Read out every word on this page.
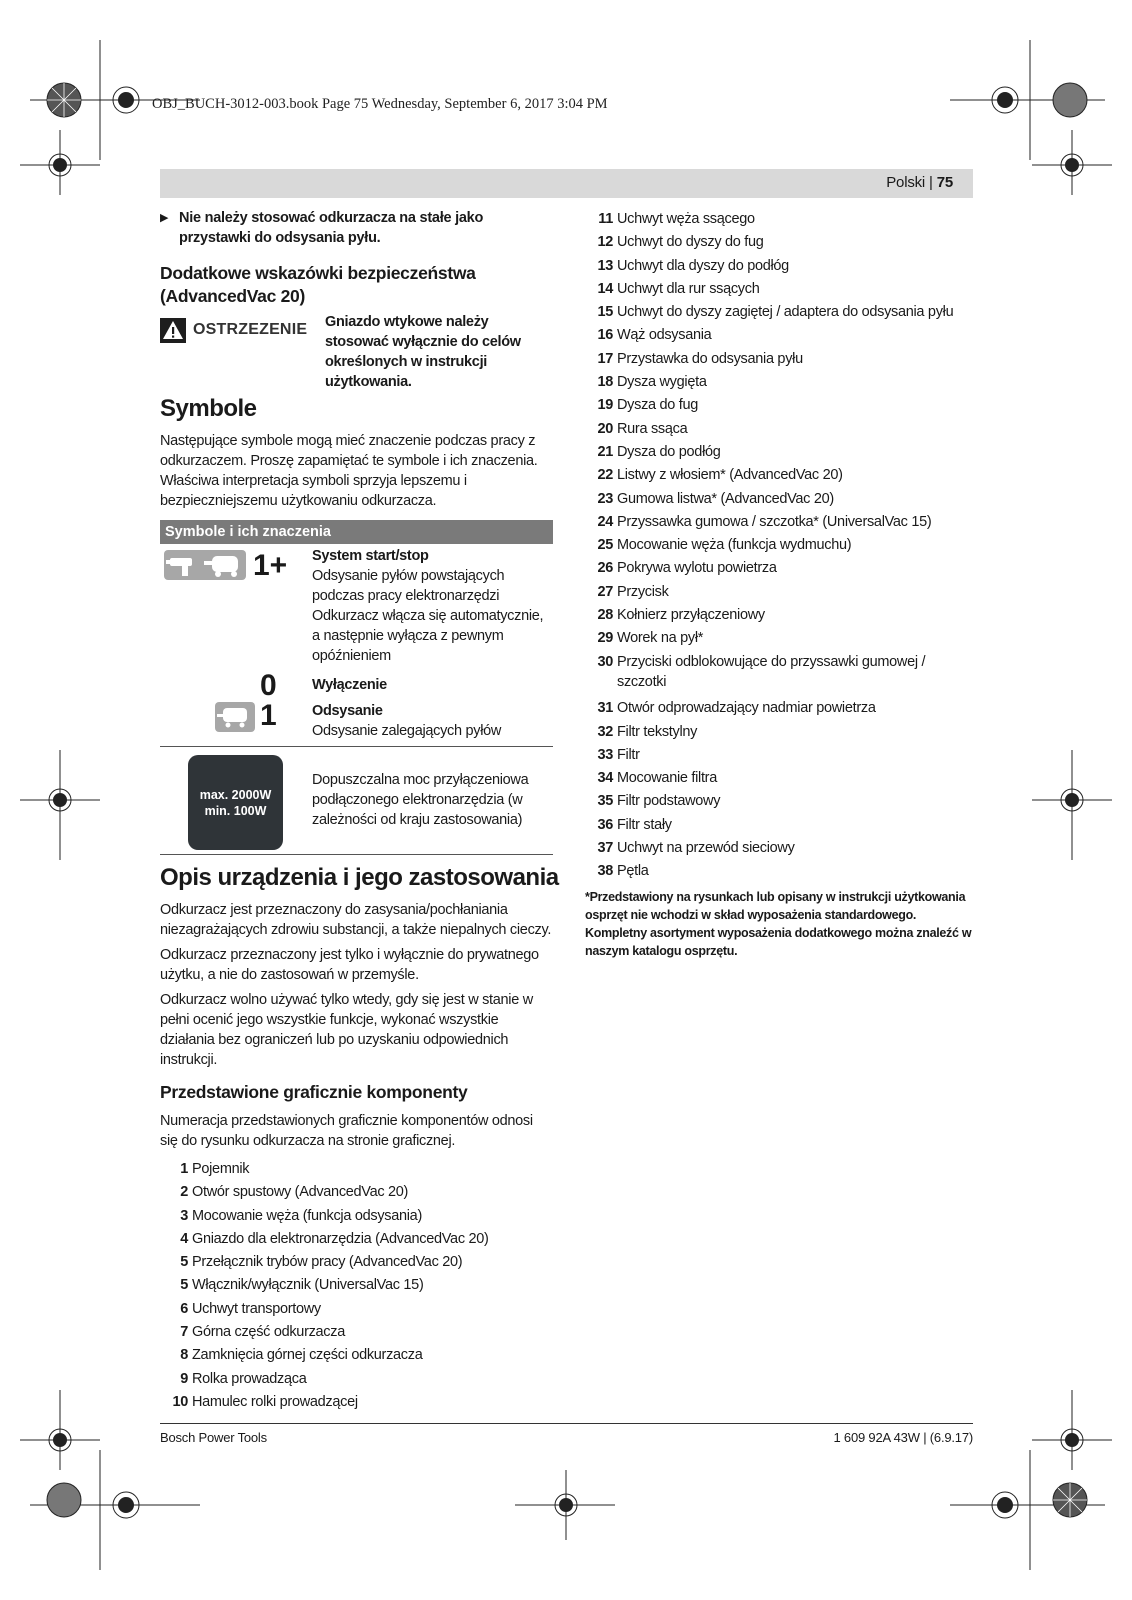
OBJ_BUCH-3012-003.book Page 75 Wednesday, September 6, 2017 3:04 PM
Polski | 75
▶ Nie należy stosować odkurzacza na stałe jako przystawki do odsysania pyłu.
Dodatkowe wskazówki bezpieczeństwa (AdvancedVac 20)
OSTRZEZENIE Gniazdo wtykowe należy stosować wyłącznie do celów określonych w instrukcji użytkowania.
Symbole
Następujące symbole mogą mieć znaczenie podczas pracy z odkurzaczem. Proszę zapamiętać te symbole i ich znaczenia. Właściwa interpretacja symboli sprzyja lepszemu i bezpieczniejszemu użytkowaniu odkurzacza.
Symbole i ich znaczenia
1+ System start/stop
Odsysanie pyłów powstających podczas pracy elektronarzędzi Odkurzacz włącza się automatycznie, a następnie wyłącza z pewnym opóźnieniem
0 Wyłączenie
1 Odsysanie
Odsysanie zalegających pyłów
max. 2000W
min. 100W
Dopuszczalna moc przyłączeniowa podłączonego elektronarzędzia (w zależności od kraju zastosowania)
Opis urządzenia i jego zastosowania
Odkurzacz jest przeznaczony do zasysania/pochłaniania niezagrażających zdrowiu substancji, a także niepalnych cieczy.
Odkurzacz przeznaczony jest tylko i wyłącznie do prywatnego użytku, a nie do zastosowań w przemyśle.
Odkurzacz wolno używać tylko wtedy, gdy się jest w stanie w pełni ocenić jego wszystkie funkcje, wykonać wszystkie działania bez ograniczeń lub po uzyskaniu odpowiednich instrukcji.
Przedstawione graficznie komponenty
Numeracja przedstawionych graficznie komponentów odnosi się do rysunku odkurzacza na stronie graficznej.
1 Pojemnik
2 Otwór spustowy (AdvancedVac 20)
3 Mocowanie węża (funkcja odsysania)
4 Gniazdo dla elektronarzędzia (AdvancedVac 20)
5 Przełącznik trybów pracy (AdvancedVac 20)
5 Włącznik/wyłącznik (UniversalVac 15)
6 Uchwyt transportowy
7 Górna część odkurzacza
8 Zamknięcia górnej części odkurzacza
9 Rolka prowadząca
10 Hamulec rolki prowadzącej
11 Uchwyt węża ssącego
12 Uchwyt do dyszy do fug
13 Uchwyt dla dyszy do podłóg
14 Uchwyt dla rur ssących
15 Uchwyt do dyszy zagiętej / adaptera do odsysania pyłu
16 Wąż odsysania
17 Przystawka do odsysania pyłu
18 Dysza wygięta
19 Dysza do fug
20 Rura ssąca
21 Dysza do podłóg
22 Listwy z włosiem* (AdvancedVac 20)
23 Gumowa listwa* (AdvancedVac 20)
24 Przyssawka gumowa / szczotka* (UniversalVac 15)
25 Mocowanie węża (funkcja wydmuchu)
26 Pokrywa wylotu powietrza
27 Przycisk
28 Kołnierz przyłączeniowy
29 Worek na pył*
30 Przyciski odblokowujące do przyssawki gumowej /
szczotki
31 Otwór odprowadzający nadmiar powietrza
32 Filtr tekstylny
33 Filtr
34 Mocowanie filtra
35 Filtr podstawowy
36 Filtr stały
37 Uchwyt na przewód sieciowy
38 Pętla
*Przedstawiony na rysunkach lub opisany w instrukcji użytkowania osprzęt nie wchodzi w skład wyposażenia standardowego. Kompletny asortyment wyposażenia dodatkowego można znaleźć w naszym katalogu osprzętu.
Bosch Power Tools	1 609 92A 43W | (6.9.17)
